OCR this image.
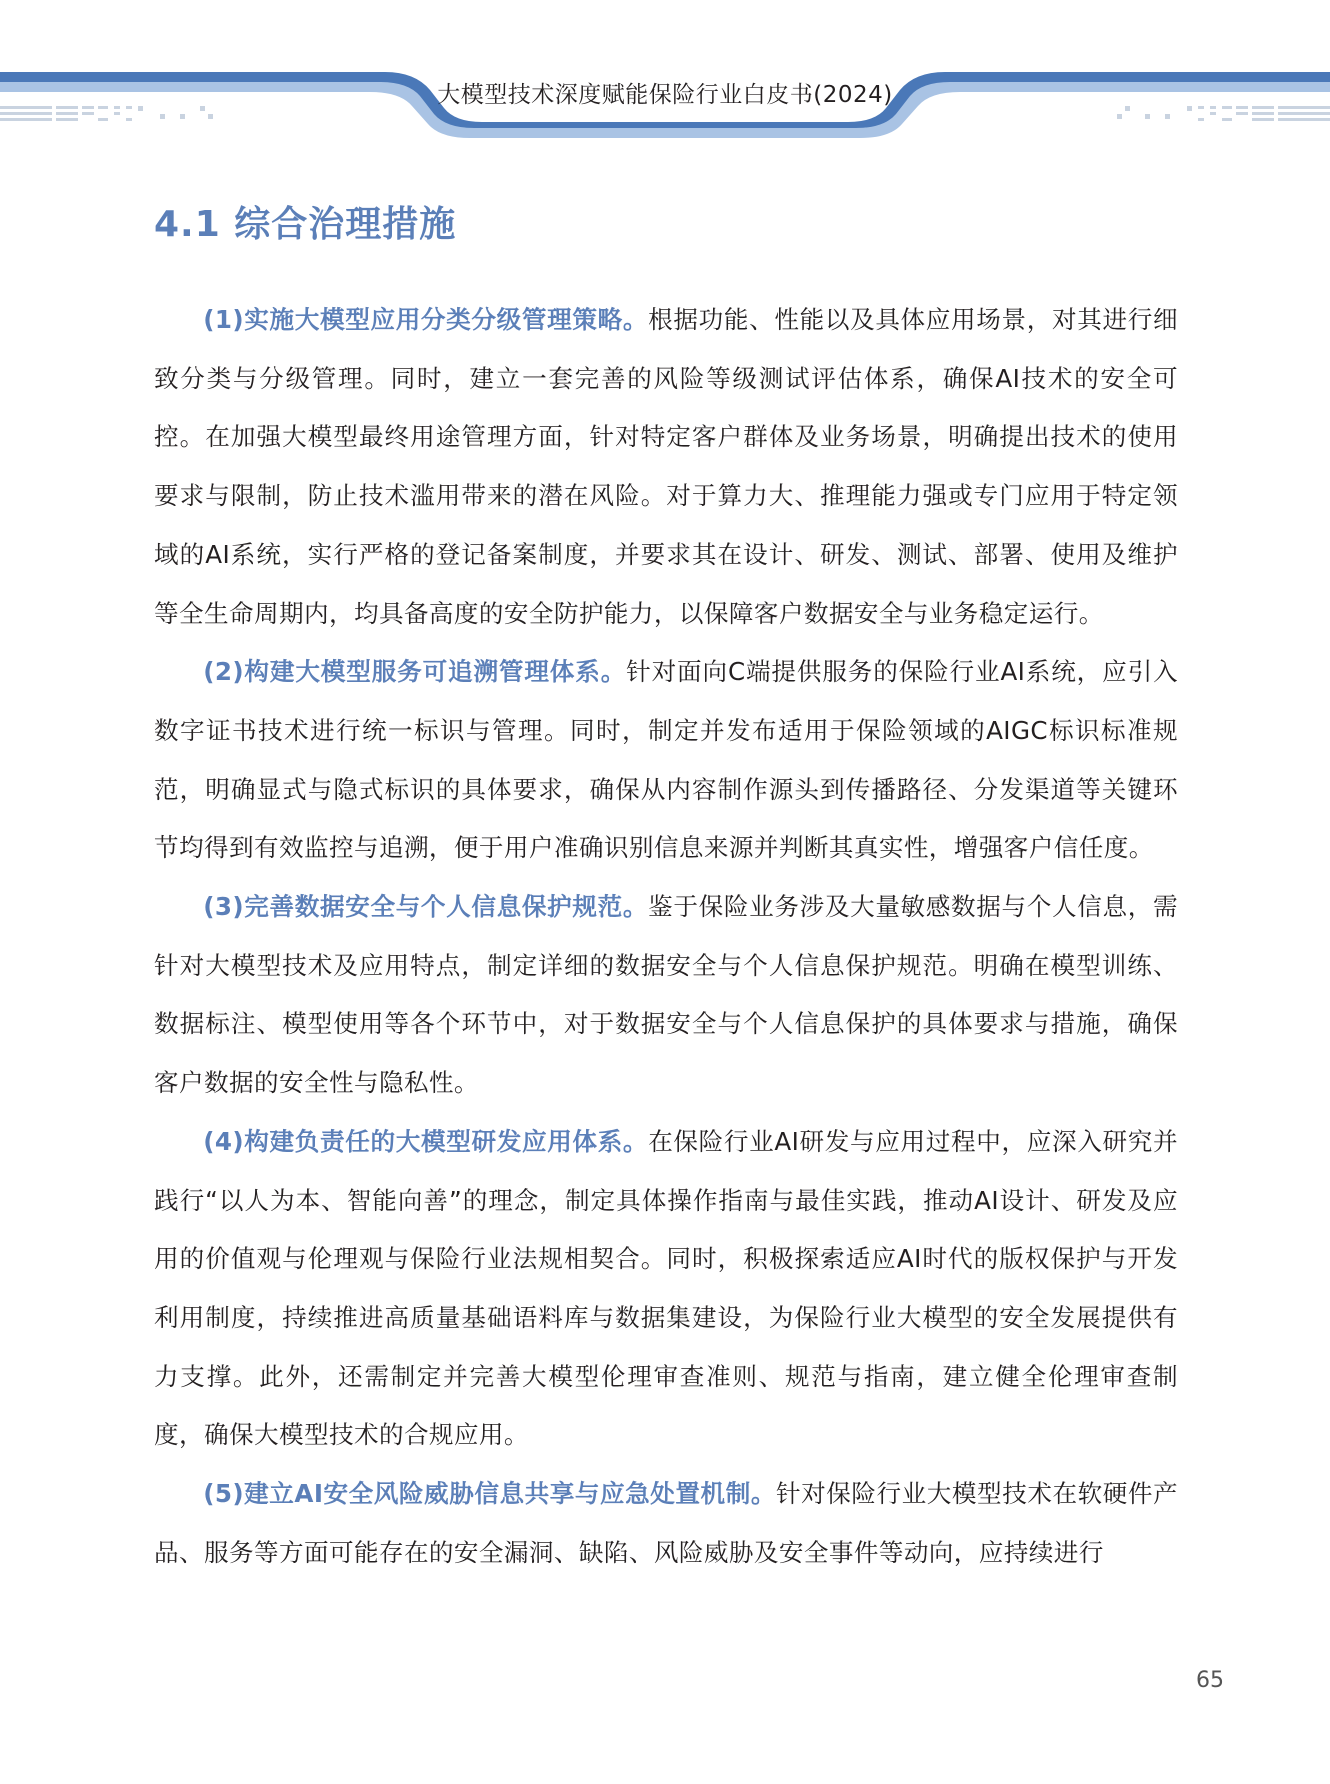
大模型技术深度赋能保险行业白皮书(2024)
4.1 综合治理措施

(1)实施大模型应用分类分级管理策略。根据功能、性能以及具体应用场景，对其进行细致分类与分级管理。同时，建立一套完善的风险等级测试评估体系，确保AI技术的安全可控。在加强大模型最终用途管理方面，针对特定客户群体及业务场景，明确提出技术的使用要求与限制，防止技术滥用带来的潜在风险。对于算力大、推理能力强或专门应用于特定领域的AI系统，实行严格的登记备案制度，并要求其在设计、研发、测试、部署、使用及维护等全生命周期内，均具备高度的安全防护能力，以保障客户数据安全与业务稳定运行。

(2)构建大模型服务可追溯管理体系。针对面向C端提供服务的保险行业AI系统，应引入数字证书技术进行统一标识与管理。同时，制定并发布适用于保险领域的AIGC标识标准规范，明确显式与隐式标识的具体要求，确保从内容制作源头到传播路径、分发渠道等关键环节均得到有效监控与追溯，便于用户准确识别信息来源并判断其真实性，增强客户信任度。

(3)完善数据安全与个人信息保护规范。鉴于保险业务涉及大量敏感数据与个人信息，需针对大模型技术及应用特点，制定详细的数据安全与个人信息保护规范。明确在模型训练、数据标注、模型使用等各个环节中，对于数据安全与个人信息保护的具体要求与措施，确保客户数据的安全性与隐私性。

(4)构建负责任的大模型研发应用体系。在保险行业AI研发与应用过程中，应深入研究并践行“以人为本、智能向善”的理念，制定具体操作指南与最佳实践，推动AI设计、研发及应用的价值观与伦理观与保险行业法规相契合。同时，积极探索适应AI时代的版权保护与开发利用制度，持续推进高质量基础语料库与数据集建设，为保险行业大模型的安全发展提供有力支撑。此外，还需制定并完善大模型伦理审查准则、规范与指南，建立健全伦理审查制度，确保大模型技术的合规应用。

(5)建立AI安全风险威胁信息共享与应急处置机制。针对保险行业大模型技术在软硬件产品、服务等方面可能存在的安全漏洞、缺陷、风险威胁及安全事件等动向，应持续进行

65
